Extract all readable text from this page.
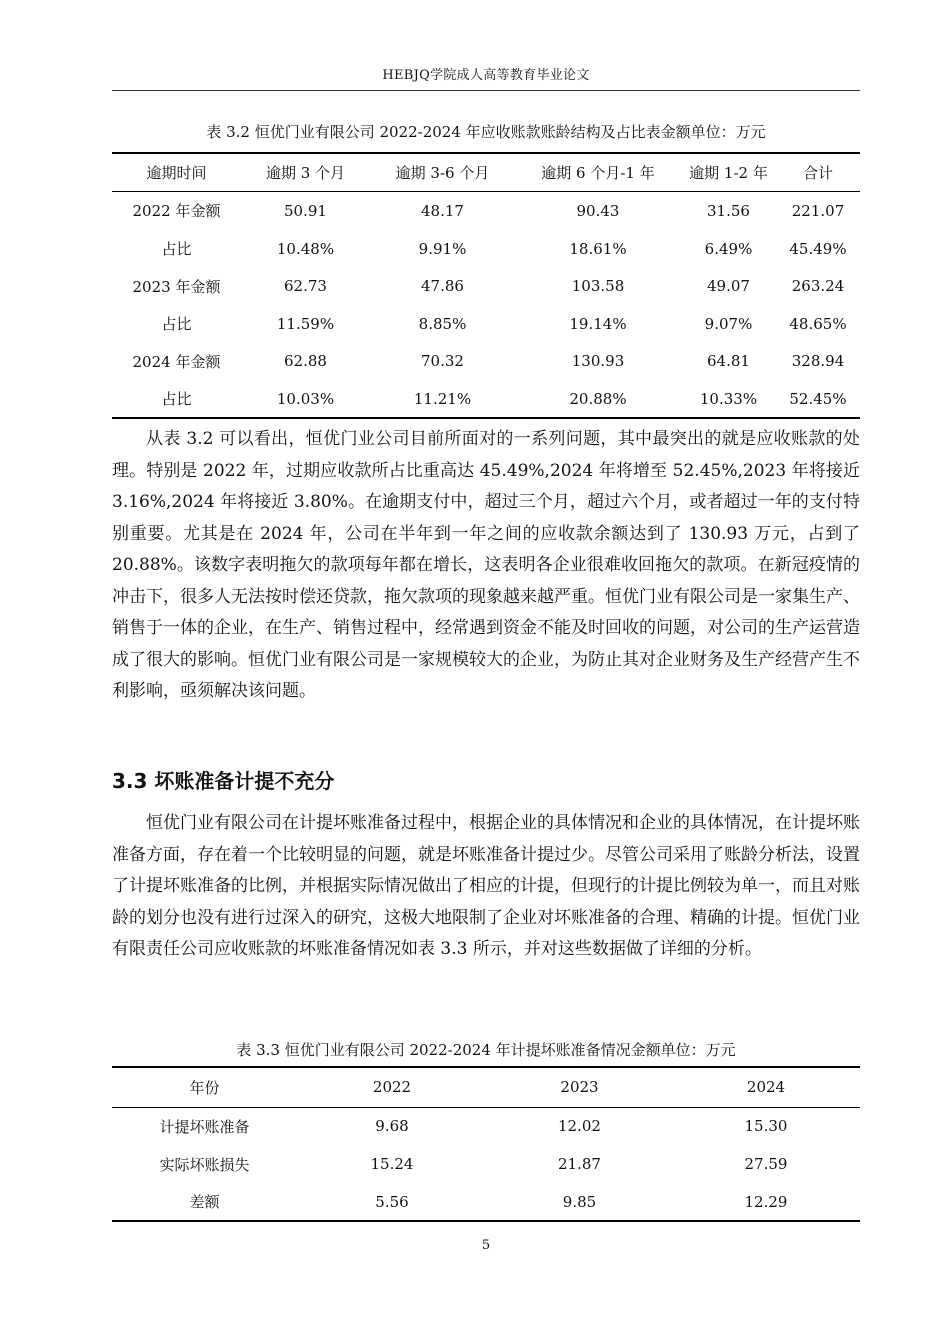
HEBJQ学院成人高等教育毕业论文
表 3.2 恒优门业有限公司 2022-2024 年应收账款账龄结构及占比表金额单位：万元
逾期时间	逾期 3 个月	逾期 3-6 个月	逾期 6 个月-1 年	逾期 1-2 年	合计
2022 年金额	50.91	48.17	90.43	31.56	221.07
占比	10.48%	9.91%	18.61%	6.49%	45.49%
2023 年金额	62.73	47.86	103.58	49.07	263.24
占比	11.59%	8.85%	19.14%	9.07%	48.65%
2024 年金额	62.88	70.32	130.93	64.81	328.94
占比	10.03%	11.21%	20.88%	10.33%	52.45%

从表 3.2 可以看出，恒优门业公司目前所面对的一系列问题，其中最突出的就是应收账款的处理。特别是 2022 年，过期应收款所占比重高达 45.49%,2024 年将增至 52.45%,2023 年将接近 3.16%,2024 年将接近 3.80%。在逾期支付中，超过三个月，超过六个月，或者超过一年的支付特别重要。尤其是在 2024 年，公司在半年到一年之间的应收款余额达到了 130.93 万元，占到了 20.88%。该数字表明拖欠的款项每年都在增长，这表明各企业很难收回拖欠的款项。在新冠疫情的冲击下，很多人无法按时偿还贷款，拖欠款项的现象越来越严重。恒优门业有限公司是一家集生产、销售于一体的企业，在生产、销售过程中，经常遇到资金不能及时回收的问题，对公司的生产运营造成了很大的影响。恒优门业有限公司是一家规模较大的企业，为防止其对企业财务及生产经营产生不利影响，亟须解决该问题。

3.3 坏账准备计提不充分

恒优门业有限公司在计提坏账准备过程中，根据企业的具体情况和企业的具体情况，在计提坏账准备方面，存在着一个比较明显的问题，就是坏账准备计提过少。尽管公司采用了账龄分析法，设置了计提坏账准备的比例，并根据实际情况做出了相应的计提，但现行的计提比例较为单一，而且对账龄的划分也没有进行过深入的研究，这极大地限制了企业对坏账准备的合理、精确的计提。恒优门业有限责任公司应收账款的坏账准备情况如表 3.3 所示，并对这些数据做了详细的分析。

表 3.3 恒优门业有限公司 2022-2024 年计提坏账准备情况金额单位：万元
年份	2022	2023	2024
计提坏账准备	9.68	12.02	15.30
实际坏账损失	15.24	21.87	27.59
差额	5.56	9.85	12.29
5
